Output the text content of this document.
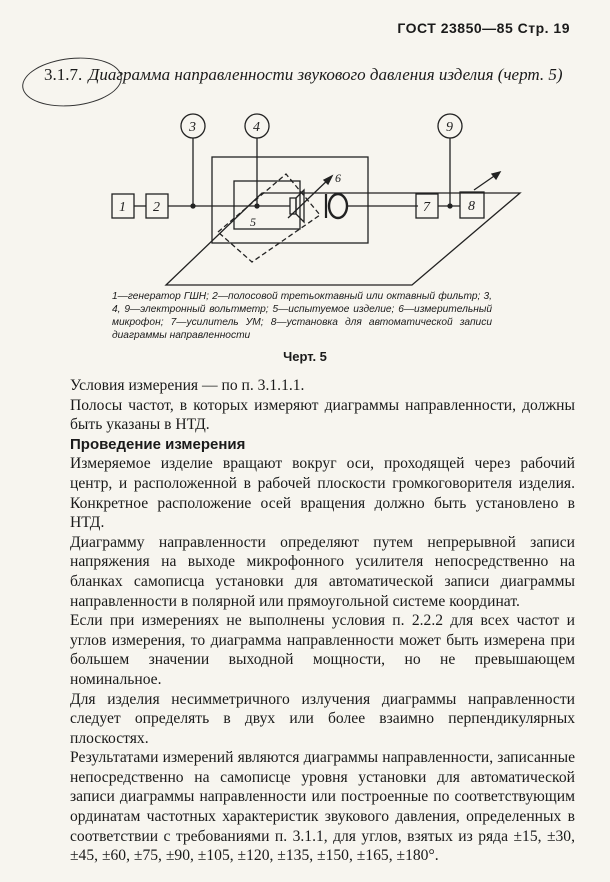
ГОСТ 23850—85 Стр. 19
3.1.7. Диаграмма направленности звукового давления изделия (черт. 5)
1 2
3	4
5
6
7
9
8
1—генератор ГШН; 2—полосовой третьоктавный или октавный фильтр; 3, 4, 9—электронный вольтметр; 5—испытуемое изделие; 6—измерительный микрофон; 7—усилитель УМ; 8—установка для автоматической записи диаграммы направленности
Черт. 5

Условия измерения — по п. 3.1.1.1.

Полосы частот, в которых измеряют диаграммы направленности, должны быть указаны в НТД.

Проведение измерения

Измеряемое изделие вращают вокруг оси, проходящей через рабочий центр, и расположенной в рабочей плоскости громкоговорителя изделия. Конкретное расположение осей вращения должно быть установлено в НТД.

Диаграмму направленности определяют путем непрерывной записи напряжения на выходе микрофонного усилителя непосредственно на бланках самописца установки для автоматической записи диаграммы направленности в полярной или прямоугольной системе координат.

Если при измерениях не выполнены условия п. 2.2.2 для всех частот и углов измерения, то диаграмма направленности может быть измерена при большем значении выходной мощности, но не превышающем номинальное.

Для изделия несимметричного излучения диаграммы направленности следует определять в двух или более взаимно перпендикулярных плоскостях.

Результатами измерений являются диаграммы направленности, записанные непосредственно на самописце уровня установки для автоматической записи диаграммы направленности или построенные по соответствующим ординатам частотных характеристик звукового давления, определенных в соответствии с требованиями п. 3.1.1, для углов, взятых из ряда ±15, ±30, ±45, ±60, ±75, ±90, ±105, ±120, ±135, ±150, ±165, ±180°.
